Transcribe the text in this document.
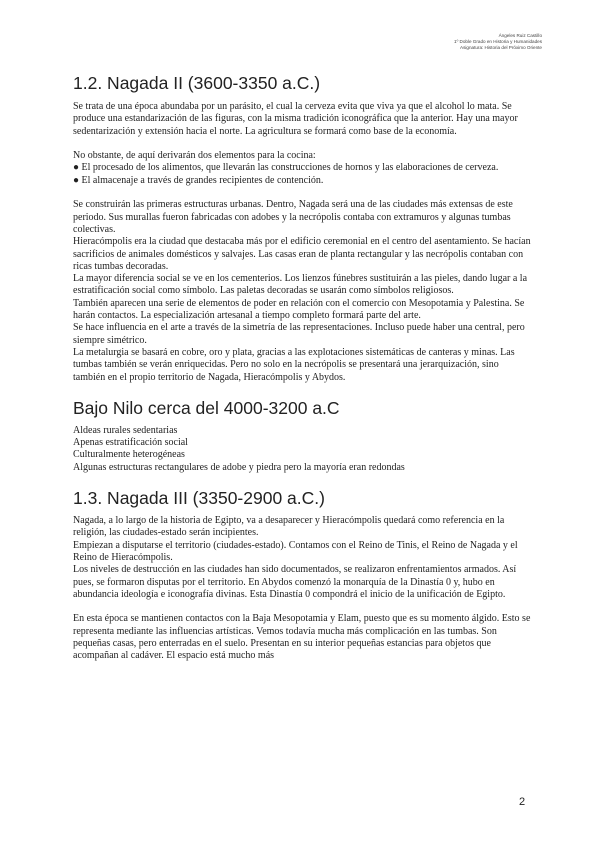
Ángeles Ruiz Castillo
1º Doble Grado en Historia y Humanidades
Asignatura: Historia del Próximo Oriente
1.2. Nagada II (3600-3350 a.C.)

Se trata de una época abundaba por un parásito, el cual la cerveza evita que viva ya que el alcohol lo mata. Se produce una estandarización de las figuras, con la misma tradición iconográfica que la anterior. Hay una mayor sedentarización y extensión hacia el norte. La agricultura se formará como base de la economía.

No obstante, de aquí derivarán dos elementos para la cocina:

● El procesado de los alimentos, que llevarán las construcciones de hornos y las elaboraciones de cerveza.

● El almacenaje a través de grandes recipientes de contención.

Se construirán las primeras estructuras urbanas. Dentro, Nagada será una de las ciudades más extensas de este periodo. Sus murallas fueron fabricadas con adobes y la necrópolis contaba con extramuros y algunas tumbas colectivas.

Hieracómpolis era la ciudad que destacaba más por el edificio ceremonial en el centro del asentamiento. Se hacían sacrificios de animales domésticos y salvajes. Las casas eran de planta rectangular y las necrópolis contaban con ricas tumbas decoradas.

La mayor diferencia social se ve en los cementerios. Los lienzos fúnebres sustituirán a las pieles, dando lugar a la estratificación social como símbolo. Las paletas decoradas se usarán como símbolos religiosos.

También aparecen una serie de elementos de poder en relación con el comercio con Mesopotamia y Palestina. Se harán contactos. La especialización artesanal a tiempo completo formará parte del arte.

Se hace influencia en el arte a través de la simetría de las representaciones. Incluso puede haber una central, pero siempre simétrico.

La metalurgia se basará en cobre, oro y plata, gracias a las explotaciones sistemáticas de canteras y minas. Las tumbas también se verán enriquecidas. Pero no solo en la necrópolis se presentará una jerarquización, sino también en el propio territorio de Nagada, Hieracómpolis y Abydos.

Bajo Nilo cerca del 4000-3200 a.C

Aldeas rurales sedentarias

Apenas estratificación social

Culturalmente heterogéneas

Algunas estructuras rectangulares de adobe y piedra pero la mayoría eran redondas

1.3. Nagada III (3350-2900 a.C.)

Nagada, a lo largo de la historia de Egipto, va a desaparecer y Hieracómpolis quedará como referencia en la religión, las ciudades-estado serán incipientes.

Empiezan a disputarse el territorio (ciudades-estado). Contamos con el Reino de Tinis, el Reino de Nagada y el Reino de Hieracómpolis.

Los niveles de destrucción en las ciudades han sido documentados, se realizaron enfrentamientos armados. Así pues, se formaron disputas por el territorio. En Abydos comenzó la monarquía de la Dinastía 0 y, hubo en abundancia ideología e iconografía divinas. Esta Dinastía 0 compondrá el inicio de la unificación de Egipto.

En esta época se mantienen contactos con la Baja Mesopotamia y Elam, puesto que es su momento álgido. Esto se representa mediante las influencias artísticas. Vemos todavía mucha más complicación en las tumbas. Son pequeñas casas, pero enterradas en el suelo. Presentan en su interior pequeñas estancias para objetos que acompañan al cadáver. El espacio está mucho más

2
